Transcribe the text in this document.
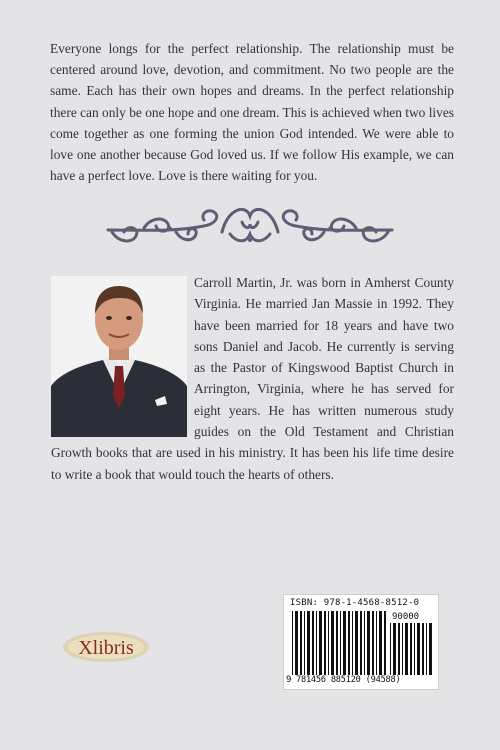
Everyone longs for the perfect relationship. The relationship must be centered around love, devotion, and commitment. No two people are the same. Each has their own hopes and dreams. In the perfect relationship there can only be one hope and one dream. This is achieved when two lives come together as one forming the union God intended. We were able to love one another because God loved us. If we follow His example, we can have a perfect love. Love is there waiting for you.

Carroll Martin, Jr. was born in Amherst County Virginia. He married Jan Massie in 1992. They have been married for 18 years and have two sons Daniel and Jacob. He currently is serving as the Pastor of Kingswood Baptist Church in Arrington, Virginia, where he has served for eight years. He has written numerous study guides on the Old Testament and Christian Growth books that are used in his ministry. It has been his life time desire to write a book that would touch the hearts of others.

Xlibris
ISBN: 978-1-4568-8512-0
90000
9 781456 885120 (94588)
